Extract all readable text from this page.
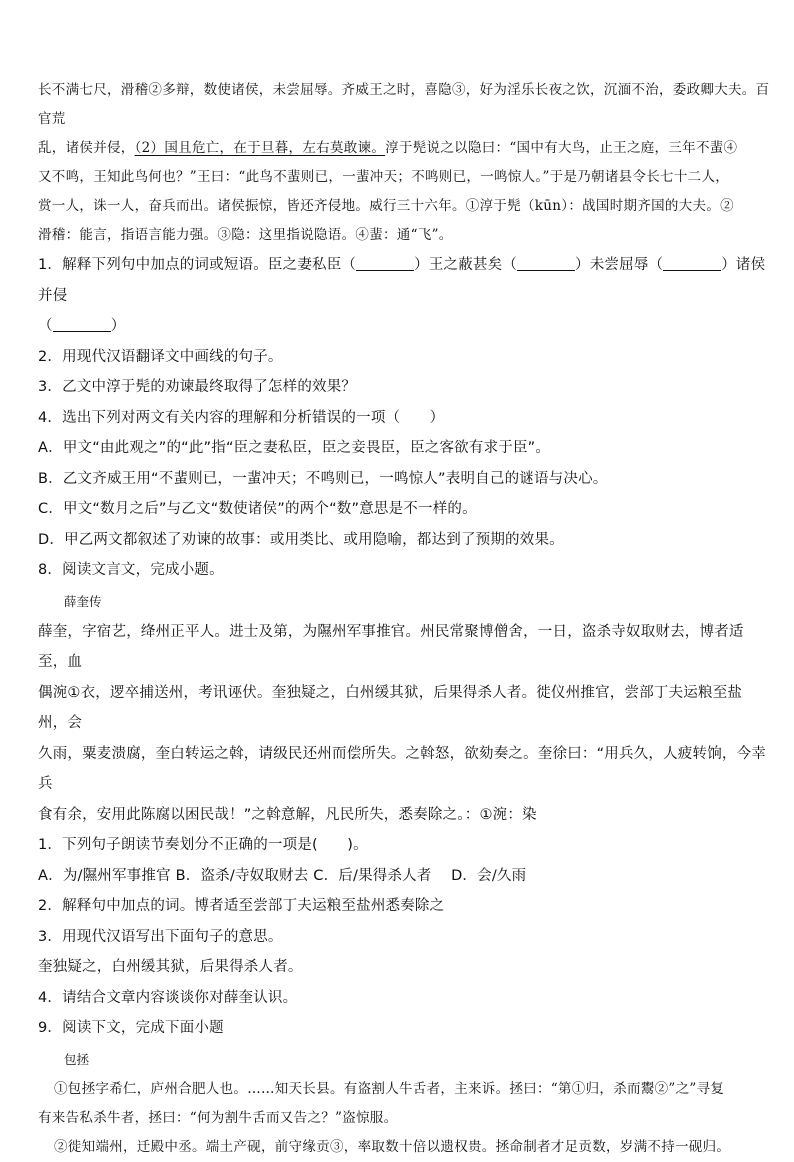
长不满七尺，滑稽②多辩，数使诸侯，未尝屈辱。齐威王之时，喜隐③，好为淫乐长夜之饮，沉湎不治，委政卿大夫。百官荒

乱，诸侯并侵，（2）国且危亡，在于旦暮，左右莫敢谏。淳于髡说之以隐曰：“国中有大鸟，止王之庭，三年不蜚④

又不鸣，王知此鸟何也？”王曰：“此鸟不蜚则已，一蜚冲天；不鸣则已，一鸣惊人。”于是乃朝诸县令长七十二人，

赏一人，诛一人，奋兵而出。诸侯振惊，皆还齐侵地。威行三十六年。①淳于髡（kūn）：战国时期齐国的大夫。②

滑稽：能言，指语言能力强。③隐：这里指说隐语。④蜚：通“飞”。

1．解释下列句中加点的词或短语。臣之妻私臣（	）王之蔽甚矣（	）未尝屈辱（	）诸侯并侵

（	）

2．用现代汉语翻译文中画线的句子。

3．乙文中淳于髡的劝谏最终取得了怎样的效果？

4．选出下列对两文有关内容的理解和分析错误的一项（　　）

A．甲文“由此观之”的“此”指“臣之妻私臣，臣之妾畏臣，臣之客欲有求于臣”。

B．乙文齐威王用“不蜚则已，一蜚冲天；不鸣则已，一鸣惊人”表明自己的谜语与决心。

C．甲文“数月之后”与乙文“数使诸侯”的两个“数”意思是不一样的。

D．甲乙两文都叙述了劝谏的故事：或用类比、或用隐喻，都达到了预期的效果。

8．阅读文言文，完成小题。

薛奎传

薛奎，字宿艺，绛州正平人。进士及第，为隰州军事推官。州民常聚博僧舍，一日，盗杀寺奴取财去，博者适至，血

偶涴①衣，逻卒捕送州，考讯诬伏。奎独疑之，白州缓其狱，后果得杀人者。徙仪州推官，尝部丁夫运粮至盐州，会

久雨，粟麦溃腐，奎白转运之斡，请级民还州而偿所失。之斡怒，欲劾奏之。奎徐曰：“用兵久，人疲转饷，今幸兵

食有余，安用此陈腐以困民哉！”之斡意解，凡民所失，悉奏除之。：①涴：染

1．下列句子朗读节奏划分不正确的一项是(　　)。

A．为/隰州军事推官 B．盗杀/寺奴取财去 C．后/果得杀人者　 D．会/久雨

2．解释句中加点的词。博者适至尝部丁夫运粮至盐州悉奏除之

3．用现代汉语写出下面句子的意思。

奎独疑之，白州缓其狱，后果得杀人者。

4．请结合文章内容谈谈你对薛奎认识。

9．阅读下文，完成下面小题

包拯

①包拯字希仁，庐州合肥人也。……知天长县。有盗割人牛舌者，主来诉。拯曰：“第①归，杀而鬻②”之”寻复

有来告私杀牛者，拯曰：“何为割牛舌而又告之？”盗惊服。

②徙知端州，迁殿中丞。端土产砚，前守缘贡③，率取数十倍以遗权贵。拯命制者才足贡数，岁满不持一砚归。
